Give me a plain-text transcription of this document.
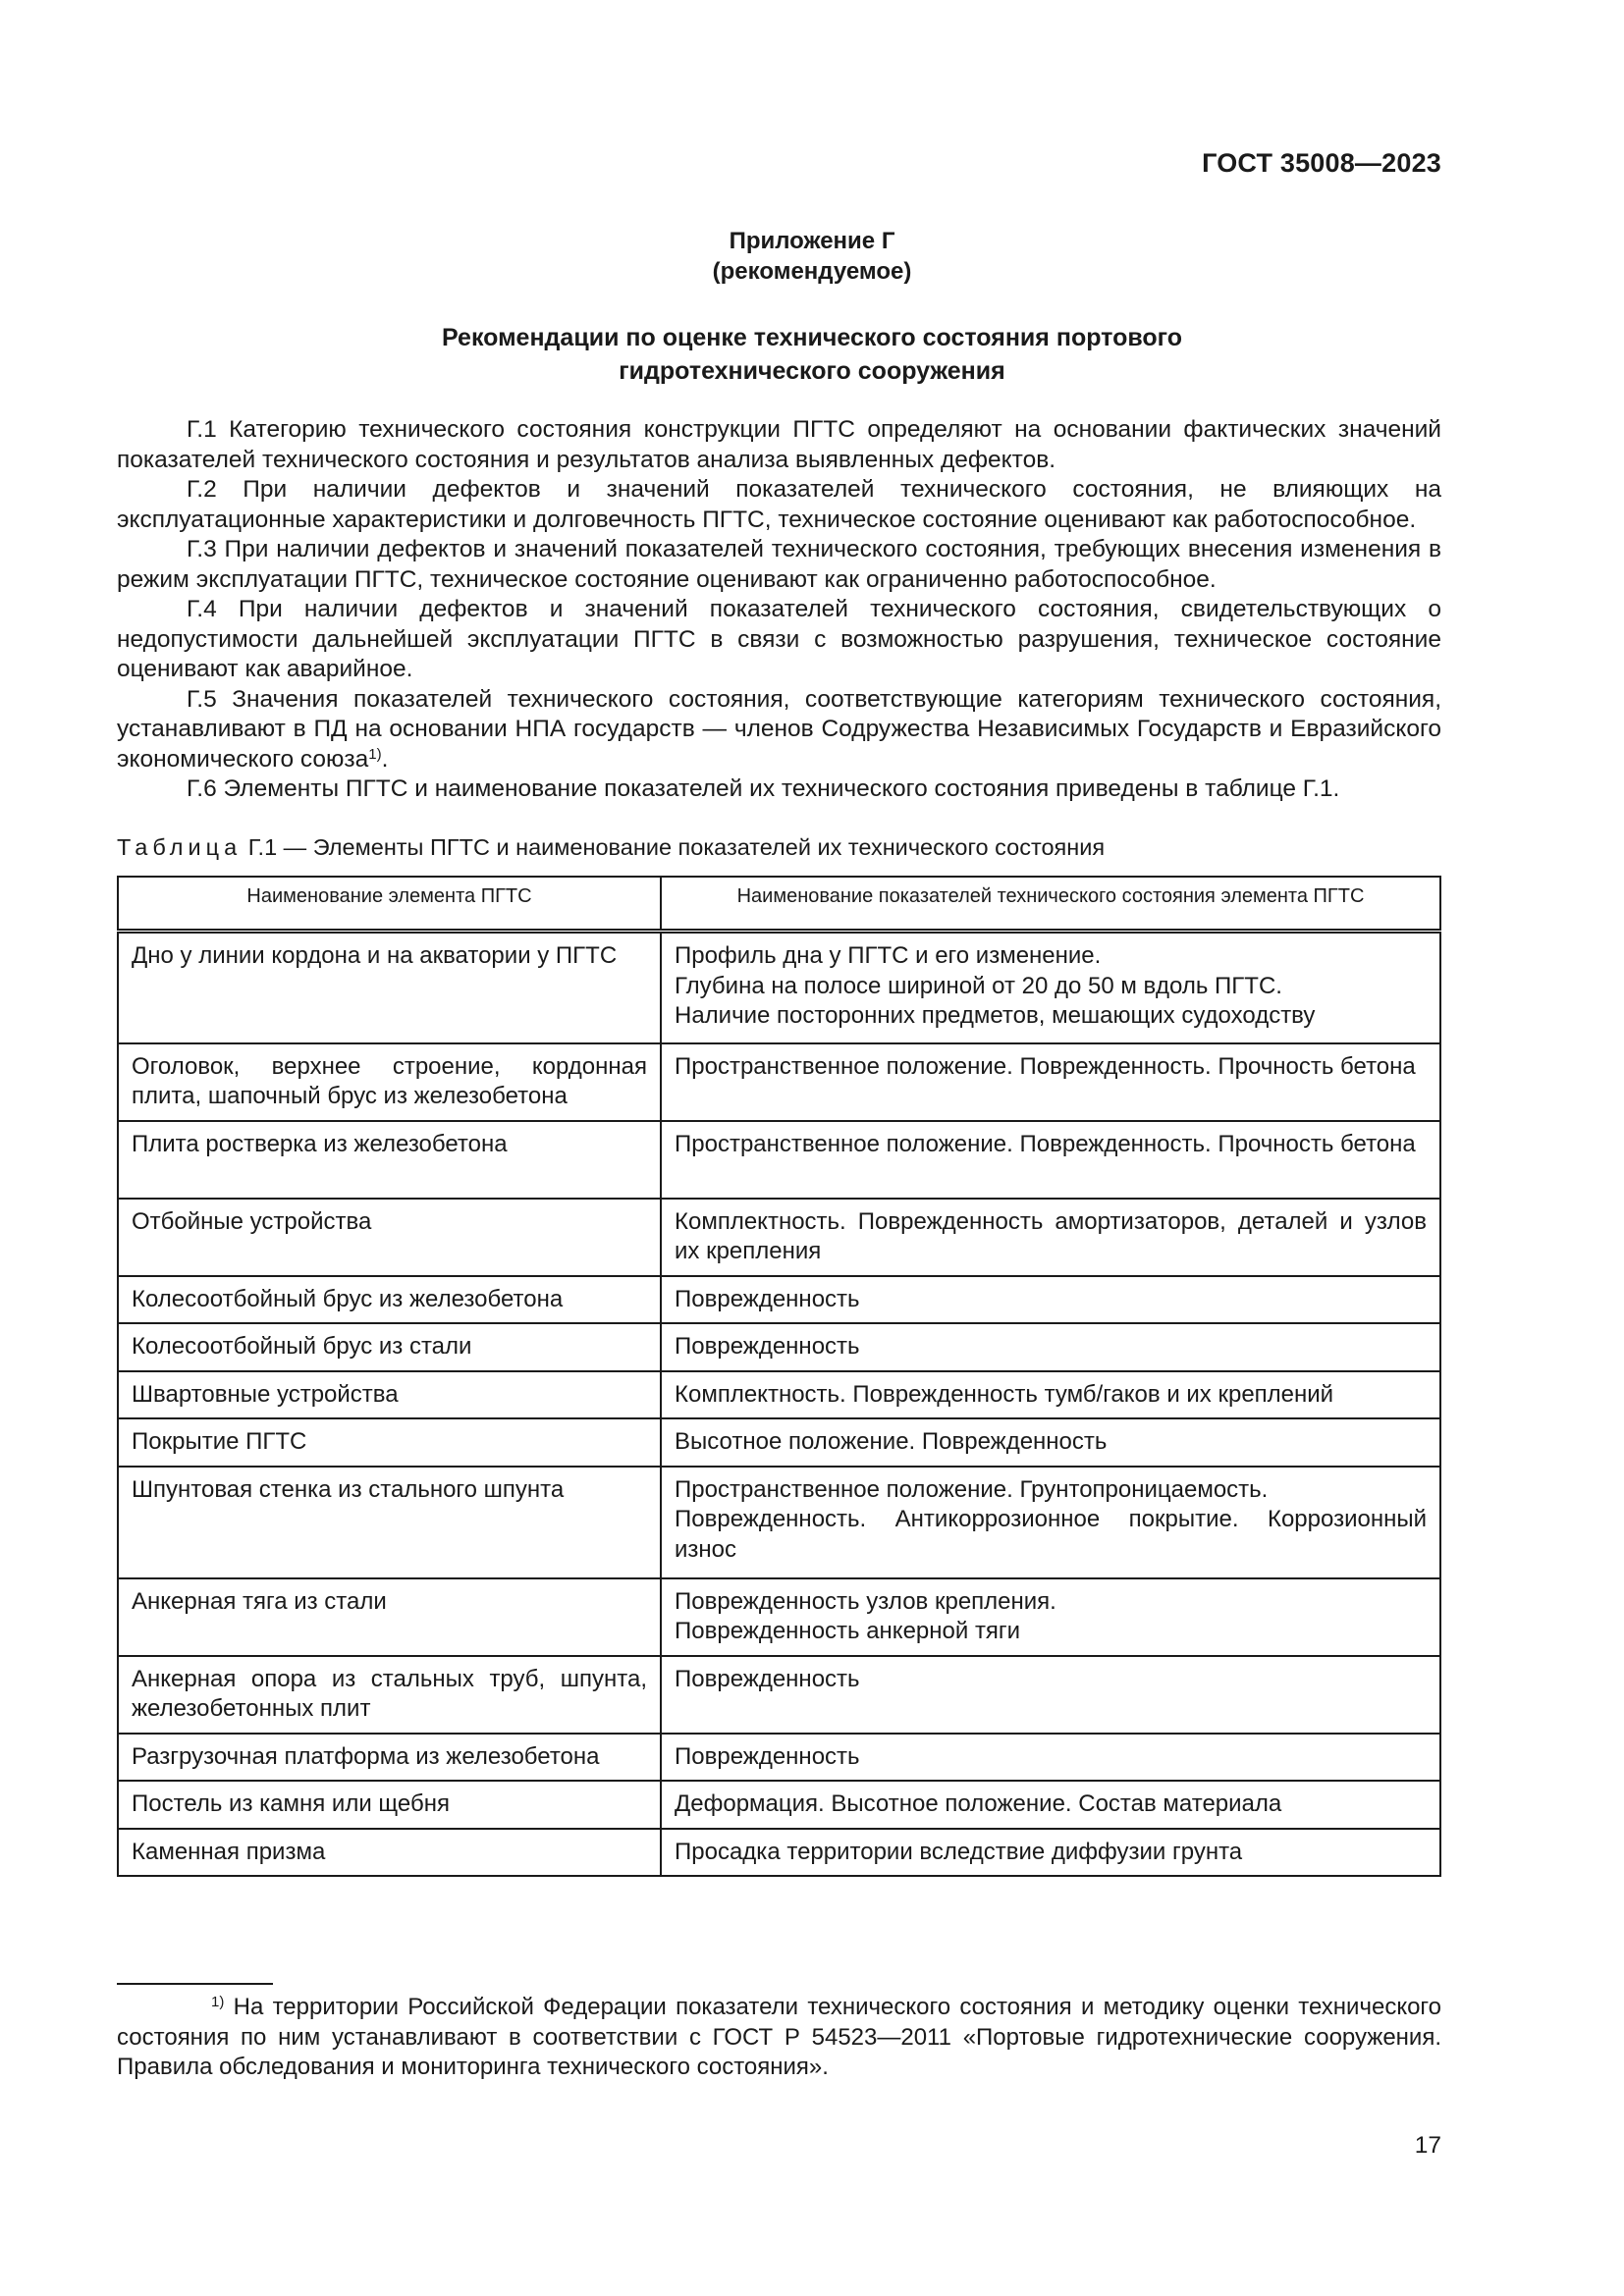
ГОСТ 35008—2023
Приложение Г
(рекомендуемое)
Рекомендации по оценке технического состояния портового
гидротехнического сооружения

Г.1 Категорию технического состояния конструкции ПГТС определяют на основании фактических значений показателей технического состояния и результатов анализа выявленных дефектов.

Г.2 При наличии дефектов и значений показателей технического состояния, не влияющих на эксплуатационные характеристики и долговечность ПГТС, техническое состояние оценивают как работоспособное.

Г.3 При наличии дефектов и значений показателей технического состояния, требующих внесения изменения в режим эксплуатации ПГТС, техническое состояние оценивают как ограниченно работоспособное.

Г.4 При наличии дефектов и значений показателей технического состояния, свидетельствующих о недопустимости дальнейшей эксплуатации ПГТС в связи с возможностью разрушения, техническое состояние оценивают как аварийное.

Г.5 Значения показателей технического состояния, соответствующие категориям технического состояния, устанавливают в ПД на основании НПА государств — членов Содружества Независимых Государств и Евразийского экономического союза$^{1)}$.

Г.6 Элементы ПГТС и наименование показателей их технического состояния приведены в таблице Г.1.

Таблица Г.1 — Элементы ПГТС и наименование показателей их технического состояния
Наименование элемента ПГТС	Наименование показателей технического состояния элемента ПГТС
Дно у линии кордона и на акватории у ПГТС	Профиль дна у ПГТС и его изменение.

Глубина на полосе шириной от 20 до 50 м вдоль ПГТС.

Наличие посторонних предметов, мешающих судоходству

Оголовок, верхнее строение, кордонная плита, шапочный брус из железобетона	Пространственное положение. Поврежденность. Прочность бетона

Плита ростверка из железобетона	Пространственное положение. Поврежденность. Прочность бетона

Отбойные устройства	Комплектность. Поврежденность амортизаторов, деталей и узлов их крепления

Колесоотбойный брус из железобетона	Поврежденность

Колесоотбойный брус из стали	Поврежденность

Швартовные устройства	Комплектность. Поврежденность тумб/гаков и их креплений

Покрытие ПГТС	Высотное положение. Поврежденность

Шпунтовая стенка из стального шпунта	Пространственное положение. Грунтопроницаемость.

Поврежденность. Антикоррозионное покрытие. Коррозионный износ

Анкерная тяга из стали	Поврежденность узлов крепления.

Поврежденность анкерной тяги

Анкерная опора из стальных труб, шпунта, железобетонных плит	Поврежденность

Разгрузочная платформа из железобетона	Поврежденность

Постель из камня или щебня	Деформация. Высотное положение. Состав материала

Каменная призма	Просадка территории вследствие диффузии грунта

$^{1)}$ На территории Российской Федерации показатели технического состояния и методику оценки технического состояния по ним устанавливают в соответствии с ГОСТ Р 54523—2011 «Портовые гидротехнические сооружения. Правила обследования и мониторинга технического состояния».
17
